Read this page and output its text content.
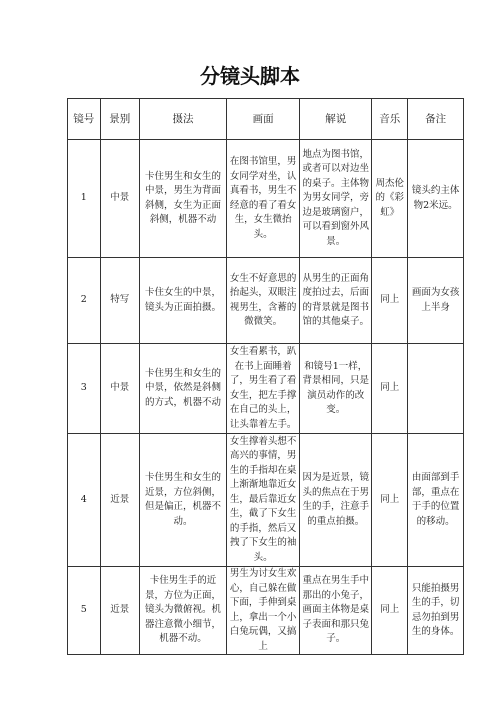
分镜头脚本
镜号	景别	摄法	画面	解说	音乐	备注
1	中景	卡住男生和女生的中景，男生为背面斜侧，女生为正面斜侧，机器不动	在图书馆里，男女同学对坐，认真看书，男生不经意的看了看女生，女生微抬头。	地点为图书馆，或者可以对边坐的桌子。主体物为男女同学，旁边是玻璃窗户，可以看到窗外风景。	周杰伦的《彩虹》	镜头约主体物2米远。
2	特写	卡住女生的中景，镜头为正面拍摄。	女生不好意思的抬起头，双眼注视男生，含蓄的微微笑。	从男生的正面角度拍过去，后面的背景就是图书馆的其他桌子。	同上	画面为女孩上半身
3	中景	卡住男生和女生的中景，依然是斜侧的方式，机器不动	女生看累书，趴在书上面睡着了，男生看了看女生，把左手撑在自己的头上，让头靠着左手。	和镜号1一样，背景相同，只是演员动作的改变。	同上	
4	近景	卡住男生和女生的近景，方位斜侧，但是偏正，机器不动。	女生撑着头想不高兴的事情，男生的手指却在桌上渐渐地靠近女生，最后靠近女生，截了下女生的手指，然后又拽了下女生的袖头。	因为是近景，镜头的焦点在于男生的手，注意手的重点拍摄。	同上	由面部到手部，重点在于手的位置的移动。
5	近景	卡住男生手的近景，方位为正面，镜头为微俯视。机器注意微小细节，机器不动。	男生为讨女生欢心，自己躲在做下面，手伸到桌上，拿出一个小白兔玩偶，又搞上	重点在男生手中那出的小兔子，画面主体物是桌子表面和那只兔子。	同上	只能拍摄男生的手，切忌勿拍到男生的身体。
